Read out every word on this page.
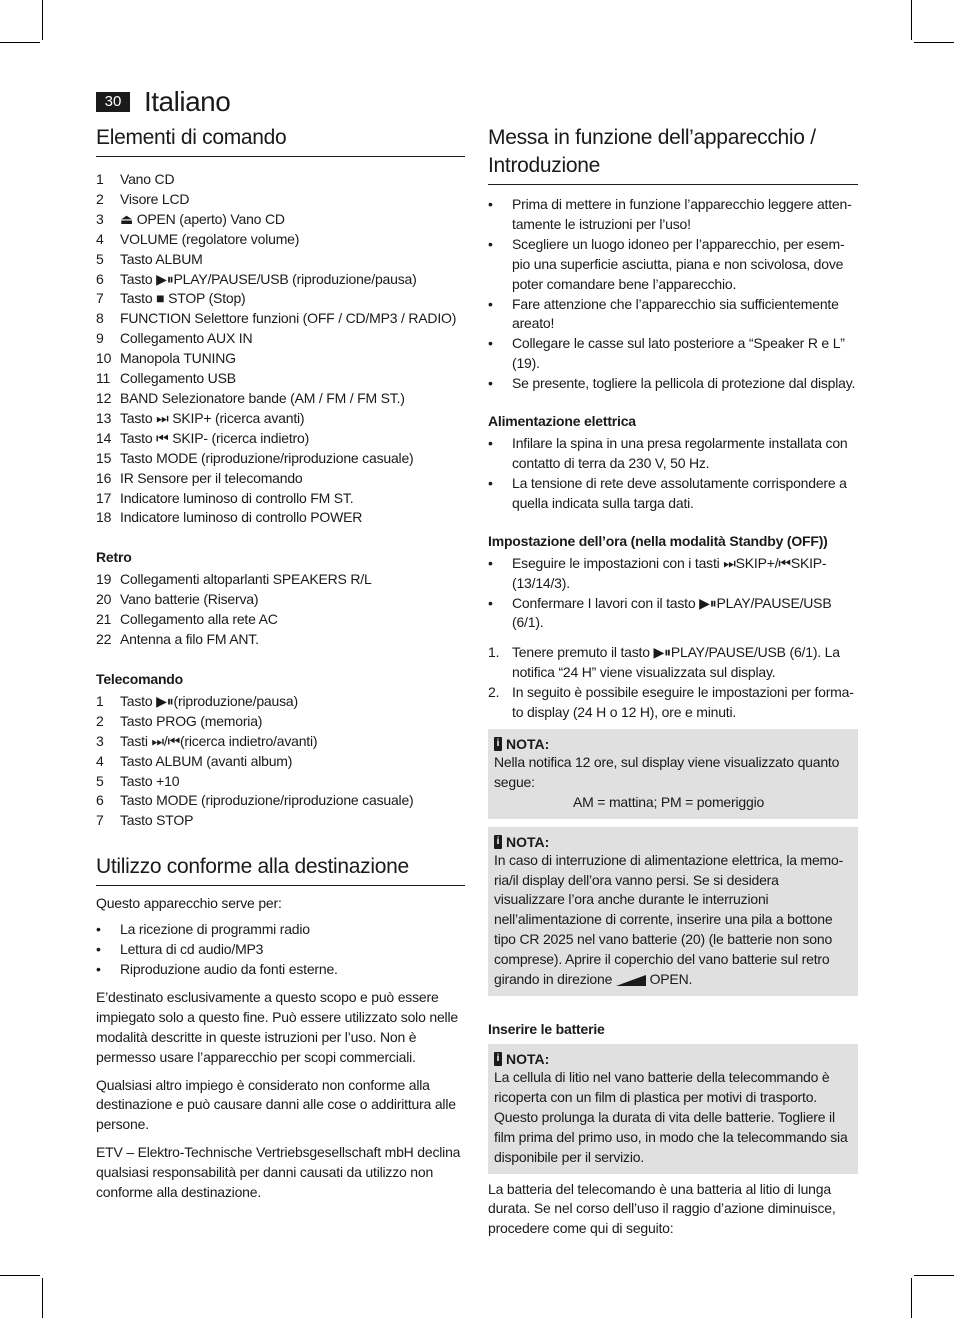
30 Italiano
Elementi di comando
1	Vano CD
2	Visore LCD
3	⏏ OPEN (aperto) Vano CD
4	VOLUME (regolatore volume)
5	Tasto ALBUM
6	Tasto ▶⏸PLAY/PAUSE/USB (riproduzione/pausa)
7	Tasto ■ STOP (Stop)
8	FUNCTION Selettore funzioni (OFF / CD/MP3 / RADIO)
9	Collegamento AUX IN
10 Manopola TUNING
11 Collegamento USB
12 BAND Selezionatore bande (AM / FM / FM ST.)
13 Tasto ⏭ SKIP+ (ricerca avanti)
14 Tasto ⏮ SKIP- (ricerca indietro)
15 Tasto MODE (riproduzione/riproduzione casuale)
16 IR Sensore per il telecomando
17 Indicatore luminoso di controllo FM ST.
18 Indicatore luminoso di controllo POWER
Retro
19 Collegamenti altoparlanti SPEAKERS R/L
20 Vano batterie (Riserva)
21 Collegamento alla rete AC
22 Antenna a filo FM ANT.
Telecomando
1	Tasto ▶⏸(riproduzione/pausa)
2	Tasto PROG (memoria)
3	Tasti ⏭/⏮(ricerca indietro/avanti)
4	Tasto ALBUM (avanti album)
5	Tasto +10
6	Tasto MODE (riproduzione/riproduzione casuale)
7	Tasto STOP
Utilizzo conforme alla destinazione

Questo apparecchio serve per:

•	La ricezione di programmi radio
•	Lettura di cd audio/MP3
•	Riproduzione audio da fonti esterne.

E’destinato esclusivamente a questo scopo e può essere impiegato solo a questo fine. Può essere utilizzato solo nelle modalità descritte in queste istruzioni per l’uso. Non è permesso usare l’apparecchio per scopi commerciali.

Qualsiasi altro impiego è considerato non conforme alla destinazione e può causare danni alle cose o addirittura alle persone.

ETV – Elektro-Technische Vertriebsgesellschaft mbH declina qualsiasi responsabilità per danni causati da utilizzo non conforme alla destinazione.

Messa in funzione dell’apparecchio / Introduzione
•	Prima di mettere in funzione l’apparecchio leggere atten-tamente le istruzioni per l’uso!
•	Scegliere un luogo idoneo per l’apparecchio, per esem-pio una superficie asciutta, piana e non scivolosa, dove poter comandare bene l’apparecchio.
•	Fare attenzione che l’apparecchio sia sufficientemente areato!
•	Collegare le casse sul lato posteriore a “Speaker R e L” (19).
•	Se presente, togliere la pellicola di protezione dal display.
Alimentazione elettrica
•	Infilare la spina in una presa regolarmente installata con contatto di terra da 230 V, 50 Hz.
•	La tensione di rete deve assolutamente corrispondere a quella indicata sulla targa dati.
Impostazione dell’ora (nella modalità Standby (OFF))
•	Eseguire le impostazioni con i tasti ⏭SKIP+/⏮SKIP-(13/14/3).
•	Confermare I lavori con il tasto ▶⏸PLAY/PAUSE/USB (6/1).
1. Tenere premuto il tasto ▶⏸PLAY/PAUSE/USB (6/1). La notifica “24 H” viene visualizzata sul display.
2. In seguito è possibile eseguire le impostazioni per forma-to display (24 H o 12 H), ore e minuti.
i NOTA:

Nella notifica 12 ore, sul display viene visualizzato quanto segue:

AM = mattina; PM = pomeriggio

i NOTA:

In caso di interruzione di alimentazione elettrica, la memo-ria/il display dell’ora vanno persi. Se si desidera visualizzare l’ora anche durante le interruzioni nell’alimentazione di corrente, inserire una pila a bottone tipo CR 2025 nel vano batterie (20) (le batterie non sono comprese). Aprire il coperchio del vano batterie sul retro girando in direzione	OPEN.

Inserire le batterie
i NOTA:

La cellula di litio nel vano batterie della telecommando è ricoperta con un film di plastica per motivi di trasporto. Questo prolunga la durata di vita delle batterie. Togliere il film prima del primo uso, in modo che la telecommando sia disponibile per il servizio.

La batteria del telecomando è una batteria al litio di lunga durata. Se nel corso dell’uso il raggio d’azione diminuisce, procedere come qui di seguito:
